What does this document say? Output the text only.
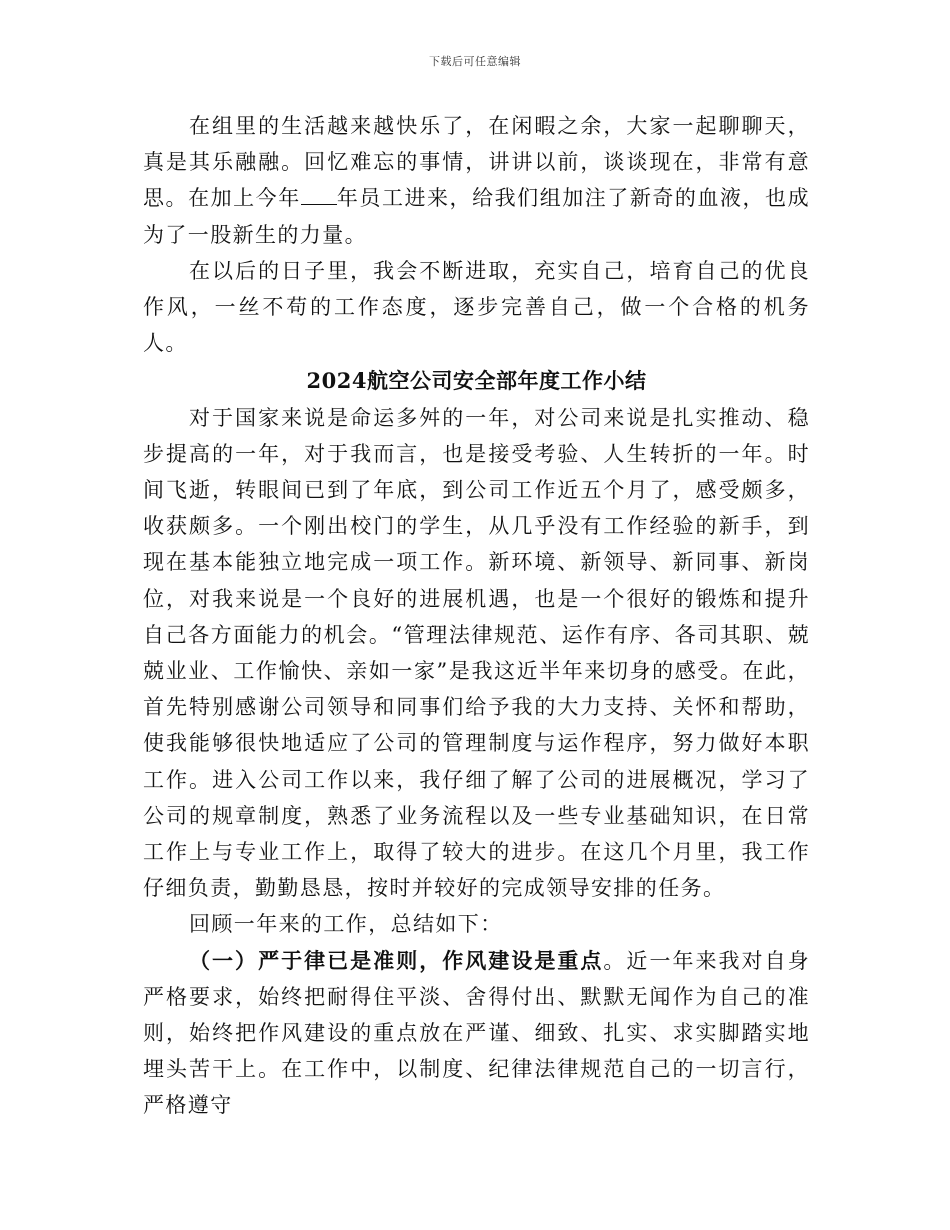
下载后可任意编辑

在组里的生活越来越快乐了，在闲暇之余，大家一起聊聊天，真是其乐融融。回忆难忘的事情，讲讲以前，谈谈现在，非常有意思。在加上今年 年员工进来，给我们组加注了新奇的血液，也成为了一股新生的力量。

在以后的日子里，我会不断进取，充实自己，培育自己的优良作风，一丝不苟的工作态度，逐步完善自己，做一个合格的机务人。

2024航空公司安全部年度工作小结

对于国家来说是命运多舛的一年，对公司来说是扎实推动、稳步提高的一年，对于我而言，也是接受考验、人生转折的一年。时间飞逝，转眼间已到了年底，到公司工作近五个月了，感受颇多，收获颇多。一个刚出校门的学生，从几乎没有工作经验的新手，到现在基本能独立地完成一项工作。新环境、新领导、新同事、新岗位，对我来说是一个良好的进展机遇，也是一个很好的锻炼和提升自己各方面能力的机会。“管理法律规范、运作有序、各司其职、兢兢业业、工作愉快、亲如一家”是我这近半年来切身的感受。在此，首先特别感谢公司领导和同事们给予我的大力支持、关怀和帮助，使我能够很快地适应了公司的管理制度与运作程序，努力做好本职工作。进入公司工作以来，我仔细了解了公司的进展概况，学习了公司的规章制度，熟悉了业务流程以及一些专业基础知识，在日常工作上与专业工作上，取得了较大的进步。在这几个月里，我工作仔细负责，勤勤恳恳，按时并较好的完成领导安排的任务。

回顾一年来的工作，总结如下：

（一）严于律已是准则，作风建设是重点。近一年来我对自身严格要求，始终把耐得住平淡、舍得付出、默默无闻作为自己的准则，始终把作风建设的重点放在严谨、细致、扎实、求实脚踏实地埋头苦干上。在工作中，以制度、纪律法律规范自己的一切言行，严格遵守
